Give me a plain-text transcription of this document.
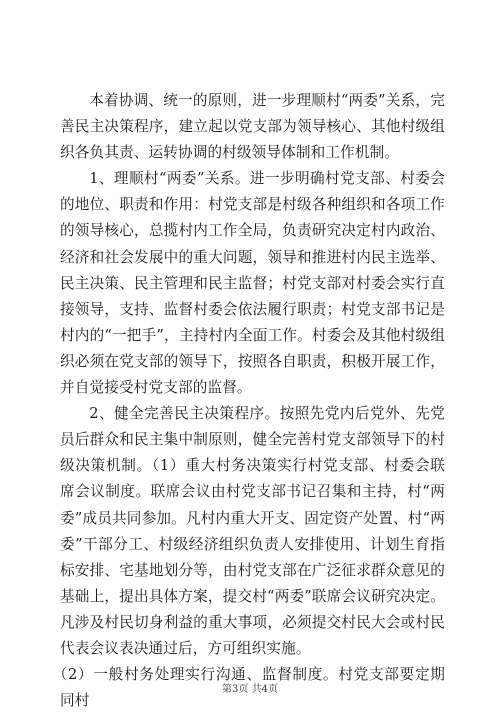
本着协调、统一的原则，进一步理顺村“两委”关系，完善民主决策程序，建立起以党支部为领导核心、其他村级组织各负其责、运转协调的村级领导体制和工作机制。

1、理顺村“两委”关系。进一步明确村党支部、村委会的地位、职责和作用：村党支部是村级各种组织和各项工作的领导核心，总揽村内工作全局，负责研究决定村内政治、经济和社会发展中的重大问题，领导和推进村内民主选举、民主决策、民主管理和民主监督；村党支部对村委会实行直接领导，支持、监督村委会依法履行职责；村党支部书记是村内的“一把手”，主持村内全面工作。村委会及其他村级组织必须在党支部的领导下，按照各自职责，积极开展工作，并自觉接受村党支部的监督。

2、健全完善民主决策程序。按照先党内后党外、先党员后群众和民主集中制原则，健全完善村党支部领导下的村级决策机制。（1）重大村务决策实行村党支部、村委会联席会议制度。联席会议由村党支部书记召集和主持，村“两委”成员共同参加。凡村内重大开支、固定资产处置、村“两委”干部分工、村级经济组织负责人安排使用、计划生育指标安排、宅基地划分等，由村党支部在广泛征求群众意见的基础上，提出具体方案，提交村“两委”联席会议研究决定。凡涉及村民切身利益的重大事项，必须提交村民大会或村民代表会议表决通过后，方可组织实施。

（2）一般村务处理实行沟通、监督制度。村党支部要定期同村

第3页 共4页
